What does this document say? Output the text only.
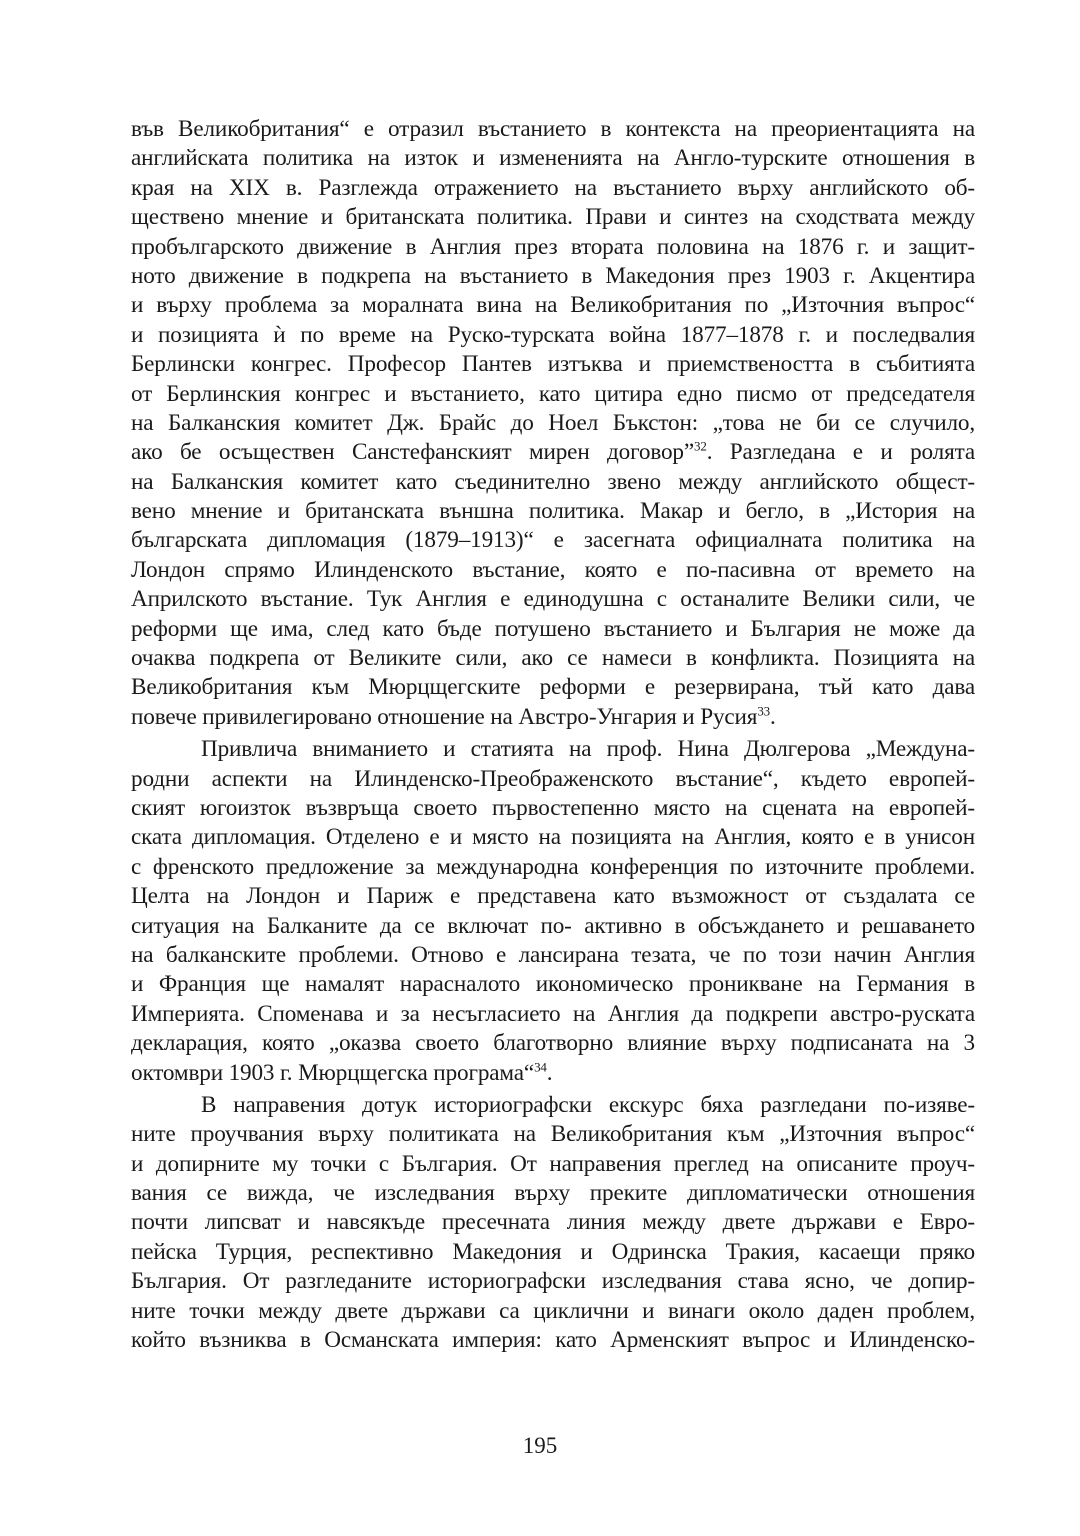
във Великобритания“ е отразил въстанието в контекста на преориентацията на
английската политика на изток и измененията на Англо-турските отношения в
края на XIX в. Разглежда отражението на въстанието върху английското об-
ществено мнение и британската политика. Прави и синтез на сходствата между
пробългарското движение в Англия през втората половина на 1876 г. и защит-
ното движение в подкрепа на въстанието в Македония през 1903 г. Акцентира
и върху проблема за моралната вина на Великобритания по „Източния въпрос“
и позицията ѝ по време на Руско-турската война 1877–1878 г. и последвалия
Берлински конгрес. Професор Пантев изтъква и приемствеността в събитията
от Берлинския конгрес и въстанието, като цитира едно писмо от председателя
на Балканския комитет Дж. Брайс до Ноел Бъкстон: „това не би се случило,
ако бе осъществен Санстефанският мирен договор”$^{32}$. Разгледана е и ролята
на Балканския комитет като съединително звено между английското общест-
вено мнение и британската външна политика. Макар и бегло, в „История на
българската дипломация (1879–1913)“ е засегната официалната политика на
Лондон спрямо Илинденското въстание, която е по-пасивна от времето на
Априлското въстание. Тук Англия е единодушна с останалите Велики сили, че
реформи ще има, след като бъде потушено въстанието и България не може да
очаква подкрепа от Великите сили, ако се намеси в конфликта. Позицията на
Великобритания към Мюрцщегските реформи е резервирана, тъй като дава
повече привилегировано отношение на Австро-Унгария и Русия$^{33}$.
Привлича вниманието и статията на проф. Нина Дюлгерова „Междуна-
родни аспекти на Илинденско-Преображенското въстание“, където европей-
ският югоизток възвръща своето първостепенно място на сцената на европей-
ската дипломация. Отделено е и място на позицията на Англия, която е в унисон
с френското предложение за международна конференция по източните проблеми.
Целта на Лондон и Париж е представена като възможност от създалата се
ситуация на Балканите да се включат по- активно в обсъждането и решаването
на балканските проблеми. Отново е лансирана тезата, че по този начин Англия
и Франция ще намалят нарасналото икономическо проникване на Германия в
Империята. Споменава и за несъгласието на Англия да подкрепи австро-руската
декларация, която „оказва своето благотворно влияние върху подписаната на 3
октомври 1903 г. Мюрцщегска програма“$^{34}$.
В направения дотук историографски екскурс бяха разгледани по-изяве-
ните проучвания върху политиката на Великобритания към „Източния въпрос“
и допирните му точки с България. От направения преглед на описаните проуч-
вания се вижда, че изследвания върху преките дипломатически отношения
почти липсват и навсякъде пресечната линия между двете държави е Евро-
пейска Турция, респективно Македония и Одринска Тракия, касаещи пряко
България. От разгледаните историографски изследвания става ясно, че допир-
ните точки между двете държави са циклични и винаги около даден проблем,
който възниква в Османската империя: като Арменският въпрос и Илинденско-
195
